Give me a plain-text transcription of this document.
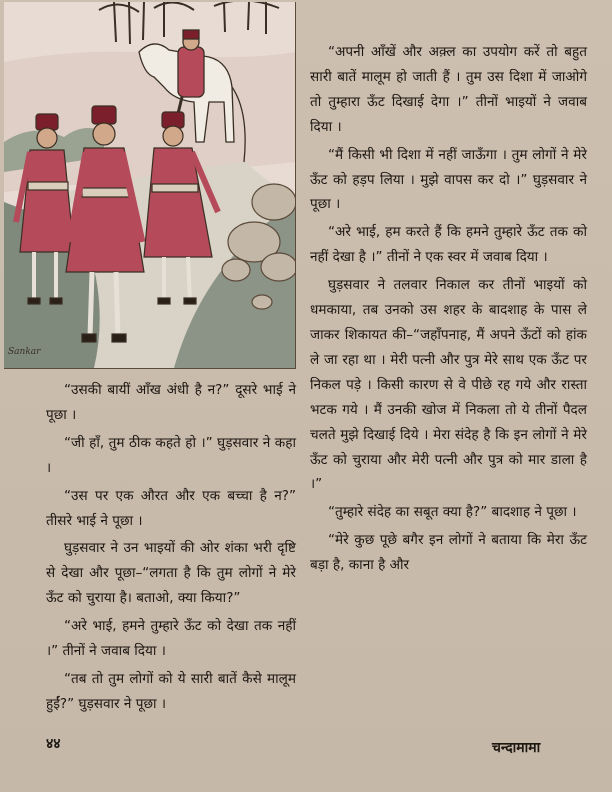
Sankar

“अपनी आँखें और अक़्ल का उपयोग करें तो बहुत सारी बातें मालूम हो जाती हैं । तुम उस दिशा में जाओगे तो तुम्हारा ऊँट दिखाई देगा ।” तीनों भाइयों ने जवाब दिया ।

“मैं किसी भी दिशा में नहीं जाऊँगा । तुम लोगों ने मेरे ऊँट को हड़प लिया । मुझे वापस कर दो ।” घुड़सवार ने पूछा ।

“अरे भाई, हम करते हैं कि हमने तुम्हारे ऊँट तक को नहीं देखा है ।” तीनों ने एक स्वर में जवाब दिया ।

घुड़सवार ने तलवार निकाल कर तीनों भाइयों को धमकाया, तब उनको उस शहर के बादशाह के पास ले जाकर शिकायत की–“जहाँपनाह, मैं अपने ऊँटों को हांक ले जा रहा था । मेरी पत्नी और पुत्र मेरे साथ एक ऊँट पर निकल पड़े । किसी कारण से वे पीछे रह गये और रास्ता भटक गये । मैं उनकी खोज में निकला तो ये तीनों पैदल चलते मुझे दिखाई दिये । मेरा संदेह है कि इन लोगों ने मेरे ऊँट को चुराया और मेरी पत्नी और पुत्र को मार डाला है ।”

“तुम्हारे संदेह का सबूत क्या है?” बादशाह ने पूछा ।

“मेरे कुछ पूछे बगैर इन लोगों ने बताया कि मेरा ऊँट बड़ा है, काना है और

“उसकी बायीं आँख अंधी है न?” दूसरे भाई ने पूछा ।

“जी हाँ, तुम ठीक कहते हो ।” घुड़सवार ने कहा ।

“उस पर एक औरत और एक बच्चा है न?” तीसरे भाई ने पूछा ।

घुड़सवार ने उन भाइयों की ओर शंका भरी दृष्टि से देखा और पूछा–“लगता है कि तुम लोगों ने मेरे ऊँट को चुराया है। बताओ, क्या किया?”

“अरे भाई, हमने तुम्हारे ऊँट को देखा तक नहीं ।” तीनों ने जवाब दिया ।

“तब तो तुम लोगों को ये सारी बातें कैसे मालूम हुईं?” घुड़सवार ने पूछा ।

४४	चन्दामामा
